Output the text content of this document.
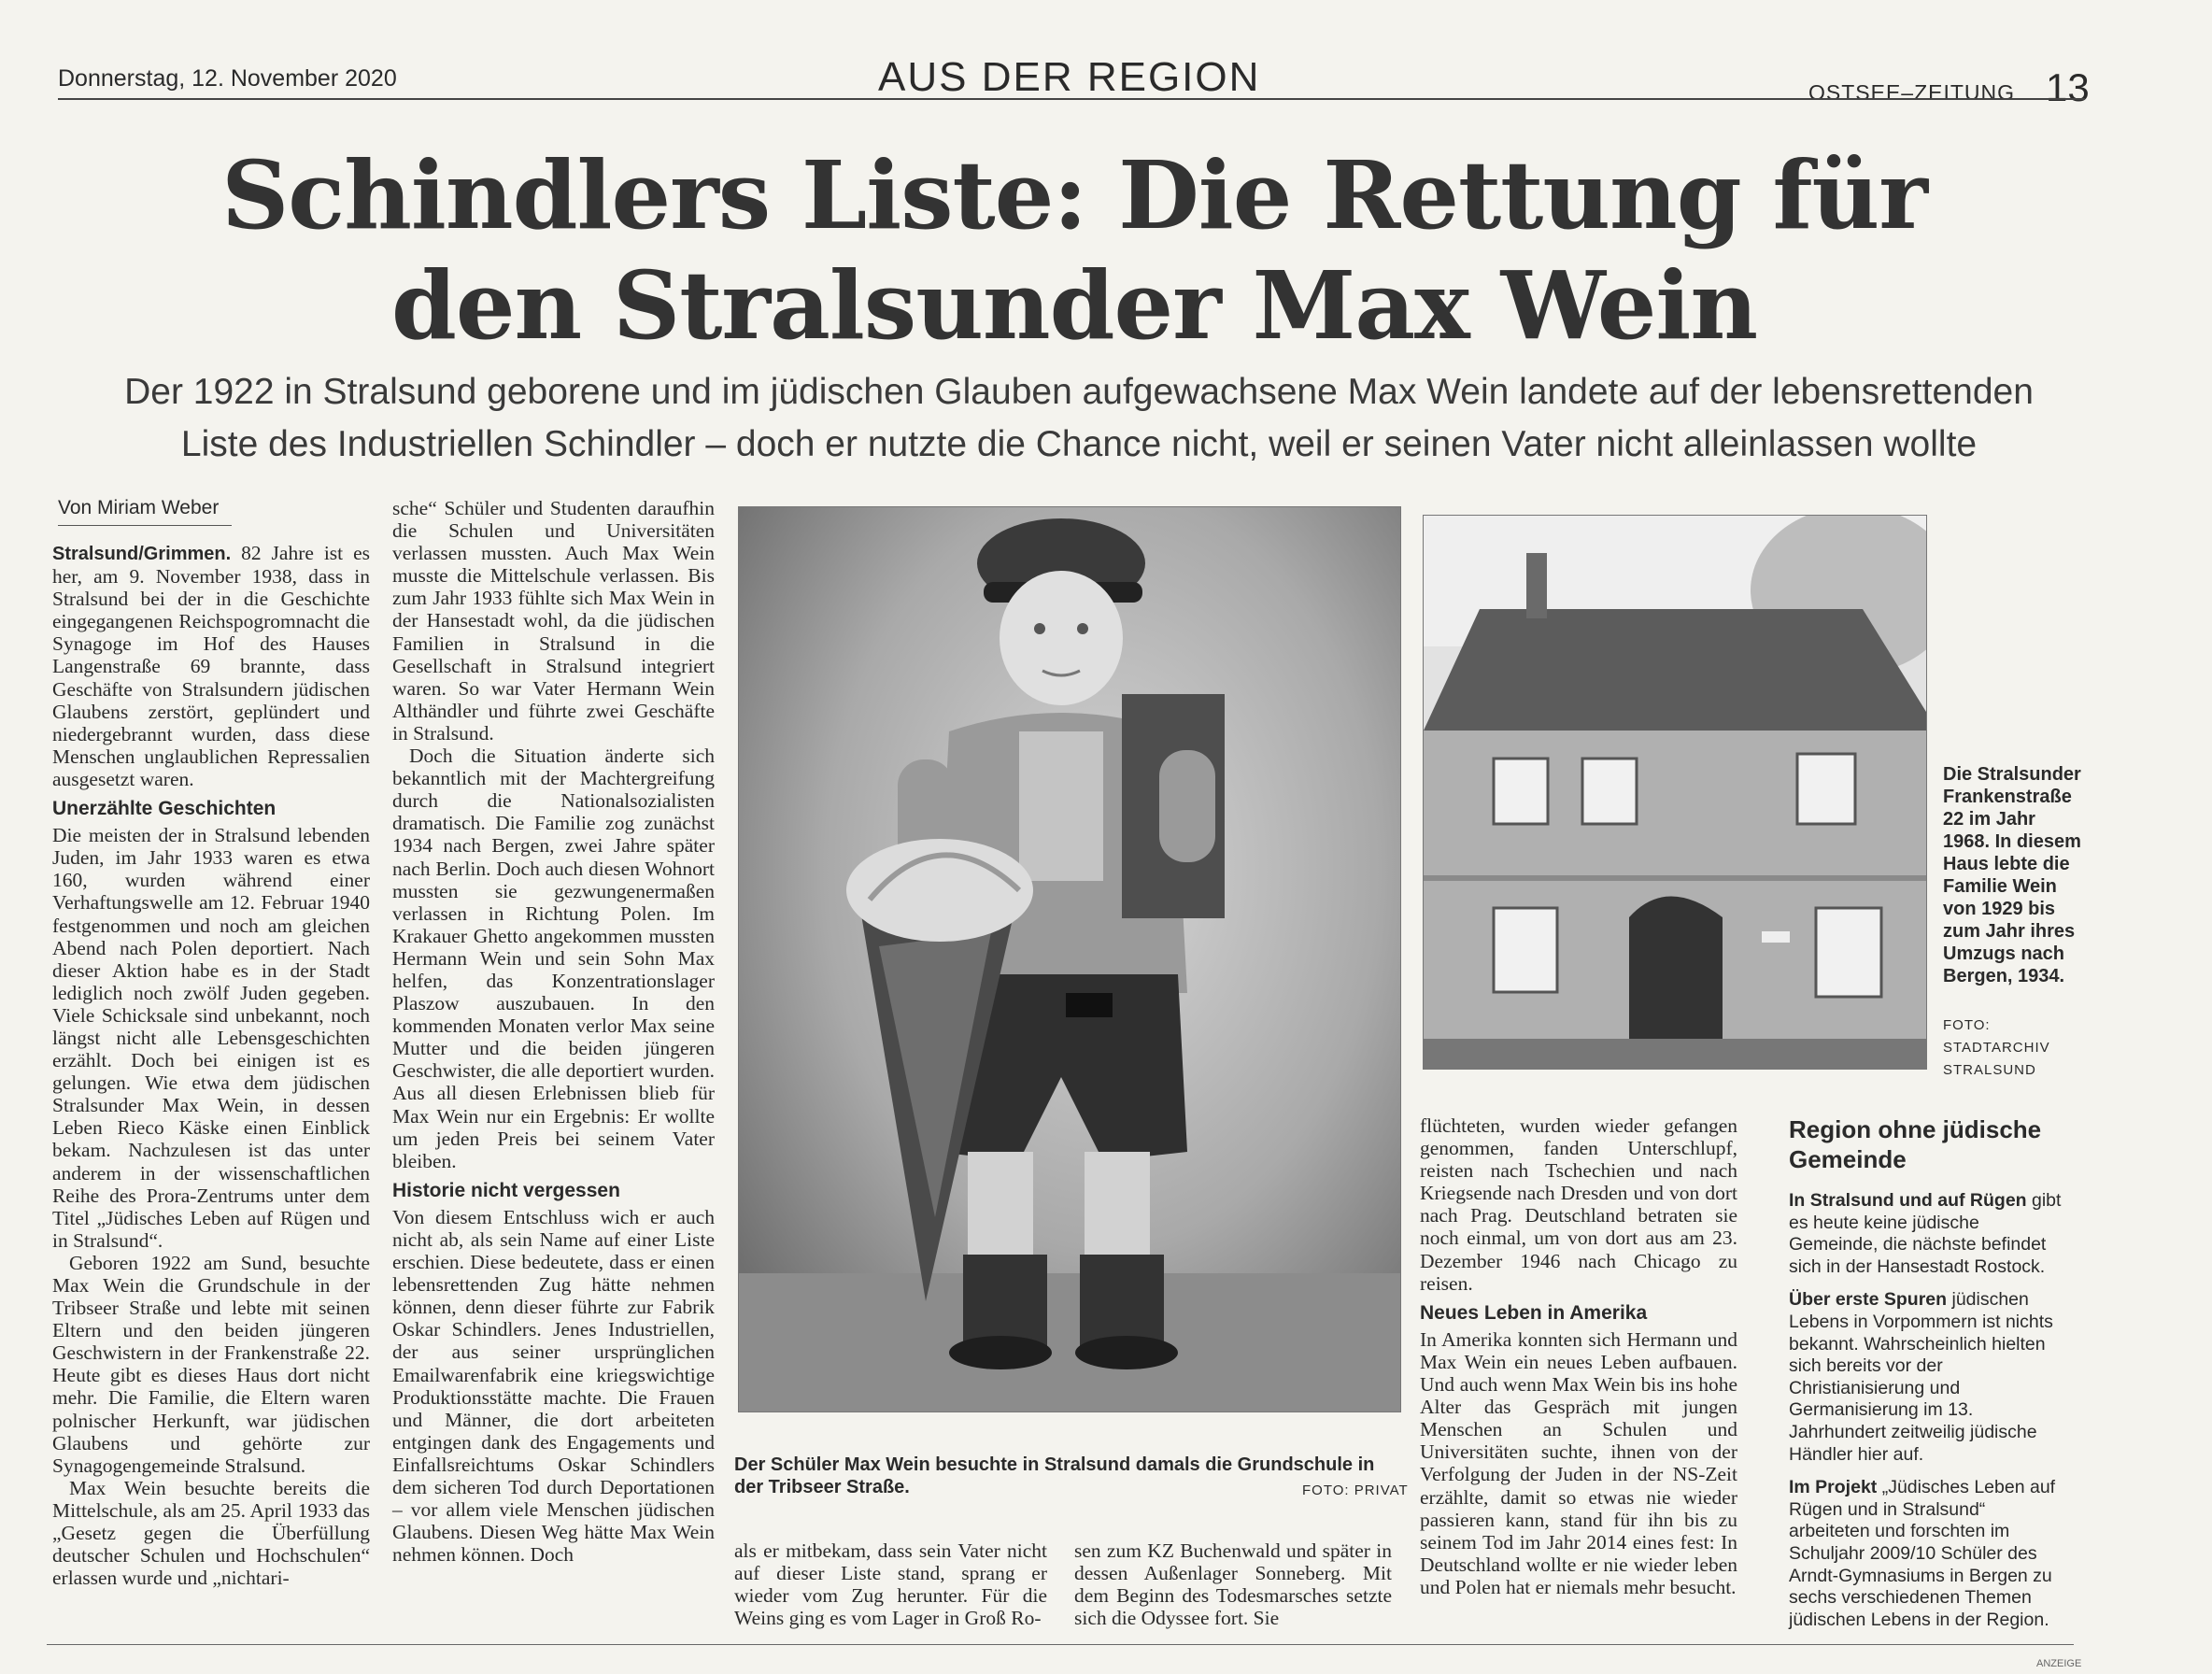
Donnerstag, 12. November 2020	AUS DER REGION	OSTSEE–ZEITUNG 13
Schindlers Liste: Die Rettung für
den Stralsunder Max Wein
Der 1922 in Stralsund geborene und im jüdischen Glauben aufgewachsene Max Wein landete auf der lebensrettenden
Liste des Industriellen Schindler – doch er nutzte die Chance nicht, weil er seinen Vater nicht alleinlassen wollte
Von Miriam Weber

Stralsund/Grimmen. 82 Jahre ist es her, am 9. November 1938, dass in Stralsund bei der in die Geschichte eingegangenen Reichspogromnacht die Synagoge im Hof des Hauses Langenstraße 69 brannte, dass Geschäfte von Stralsundern jüdischen Glaubens zerstört, geplündert und niedergebrannt wurden, dass diese Menschen unglaublichen Repressalien ausgesetzt waren.

Unerzählte Geschichten

Die meisten der in Stralsund lebenden Juden, im Jahr 1933 waren es etwa 160, wurden während einer Verhaftungswelle am 12. Februar 1940 festgenommen und noch am gleichen Abend nach Polen deportiert. Nach dieser Aktion habe es in der Stadt lediglich noch zwölf Juden gegeben. Viele Schicksale sind unbekannt, noch längst nicht alle Lebensgeschichten erzählt. Doch bei einigen ist es gelungen. Wie etwa dem jüdischen Stralsunder Max Wein, in dessen Leben Rieco Käske einen Einblick bekam. Nachzulesen ist das unter anderem in der wissenschaftlichen Reihe des Prora-Zentrums unter dem Titel „Jüdisches Leben auf Rügen und in Stralsund“.

Geboren 1922 am Sund, besuchte Max Wein die Grundschule in der Tribseer Straße und lebte mit seinen Eltern und den beiden jüngeren Geschwistern in der Frankenstraße 22. Heute gibt es dieses Haus dort nicht mehr. Die Familie, die Eltern waren polnischer Herkunft, war jüdischen Glaubens und gehörte zur Synagogengemeinde Stralsund.

Max Wein besuchte bereits die Mittelschule, als am 25. April 1933 das „Gesetz gegen die Überfüllung deutscher Schulen und Hochschulen“ erlassen wurde und „nichtari-

sche“ Schüler und Studenten daraufhin die Schulen und Universitäten verlassen mussten. Auch Max Wein musste die Mittelschule verlassen. Bis zum Jahr 1933 fühlte sich Max Wein in der Hansestadt wohl, da die jüdischen Familien in Stralsund in die Gesellschaft in Stralsund integriert waren. So war Vater Hermann Wein Althändler und führte zwei Geschäfte in Stralsund.

Doch die Situation änderte sich bekanntlich mit der Machtergreifung durch die Nationalsozialisten dramatisch. Die Familie zog zunächst 1934 nach Bergen, zwei Jahre später nach Berlin. Doch auch diesen Wohnort mussten sie gezwungenermaßen verlassen in Richtung Polen. Im Krakauer Ghetto angekommen mussten Hermann Wein und sein Sohn Max helfen, das Konzentrationslager Plaszow auszubauen. In den kommenden Monaten verlor Max seine Mutter und die beiden jüngeren Geschwister, die alle deportiert wurden. Aus all diesen Erlebnissen blieb für Max Wein nur ein Ergebnis: Er wollte um jeden Preis bei seinem Vater bleiben.

Historie nicht vergessen

Von diesem Entschluss wich er auch nicht ab, als sein Name auf einer Liste erschien. Diese bedeutete, dass er einen lebensrettenden Zug hätte nehmen können, denn dieser führte zur Fabrik Oskar Schindlers. Jenes Industriellen, der aus seiner ursprünglichen Emailwarenfabrik eine kriegswichtige Produktionsstätte machte. Die Frauen und Männer, die dort arbeiteten entgingen dank des Engagements und Einfallsreichtums Oskar Schindlers dem sicheren Tod durch Deportationen – vor allem viele Menschen jüdischen Glaubens. Diesen Weg hätte Max Wein nehmen können. Doch

Der Schüler Max Wein besuchte in Stralsund damals die Grundschule in der Tribseer Straße.	FOTO: PRIVAT
Die Stralsunder Frankenstraße 22 im Jahr 1968. In diesem Haus lebte die Familie Wein von 1929 bis zum Jahr ihres Umzugs nach Bergen, 1934.
FOTO: STADTARCHIV STRALSUND

als er mitbekam, dass sein Vater nicht auf dieser Liste stand, sprang er wieder vom Zug herunter. Für die Weins ging es vom Lager in Groß Ro-

sen zum KZ Buchenwald und später in dessen Außenlager Sonneberg. Mit dem Beginn des Todesmarsches setzte sich die Odyssee fort. Sie

flüchteten, wurden wieder gefangen genommen, fanden Unterschlupf, reisten nach Tschechien und nach Kriegsende nach Dresden und von dort nach Prag. Deutschland betraten sie noch einmal, um von dort aus am 23. Dezember 1946 nach Chicago zu reisen.

Neues Leben in Amerika

In Amerika konnten sich Hermann und Max Wein ein neues Leben aufbauen. Und auch wenn Max Wein bis ins hohe Alter das Gespräch mit jungen Menschen an Schulen und Universitäten suchte, ihnen von der Verfolgung der Juden in der NS-Zeit erzählte, damit so etwas nie wieder passieren kann, stand für ihn bis zu seinem Tod im Jahr 2014 eines fest: In Deutschland wollte er nie wieder leben und Polen hat er niemals mehr besucht.

Region ohne jüdische Gemeinde

In Stralsund und auf Rügen gibt es heute keine jüdische Gemeinde, die nächste befindet sich in der Hansestadt Rostock.

Über erste Spuren jüdischen Lebens in Vorpommern ist nichts bekannt. Wahrscheinlich hielten sich bereits vor der Christianisierung und Germanisierung im 13. Jahrhundert zeitweilig jüdische Händler hier auf.

Im Projekt „Jüdisches Leben auf Rügen und in Stralsund“ arbeiteten und forschten im Schuljahr 2009/10 Schüler des Arndt-Gymnasiums in Bergen zu sechs verschiedenen Themen jüdischen Lebens in der Region.

ANZEIGE
